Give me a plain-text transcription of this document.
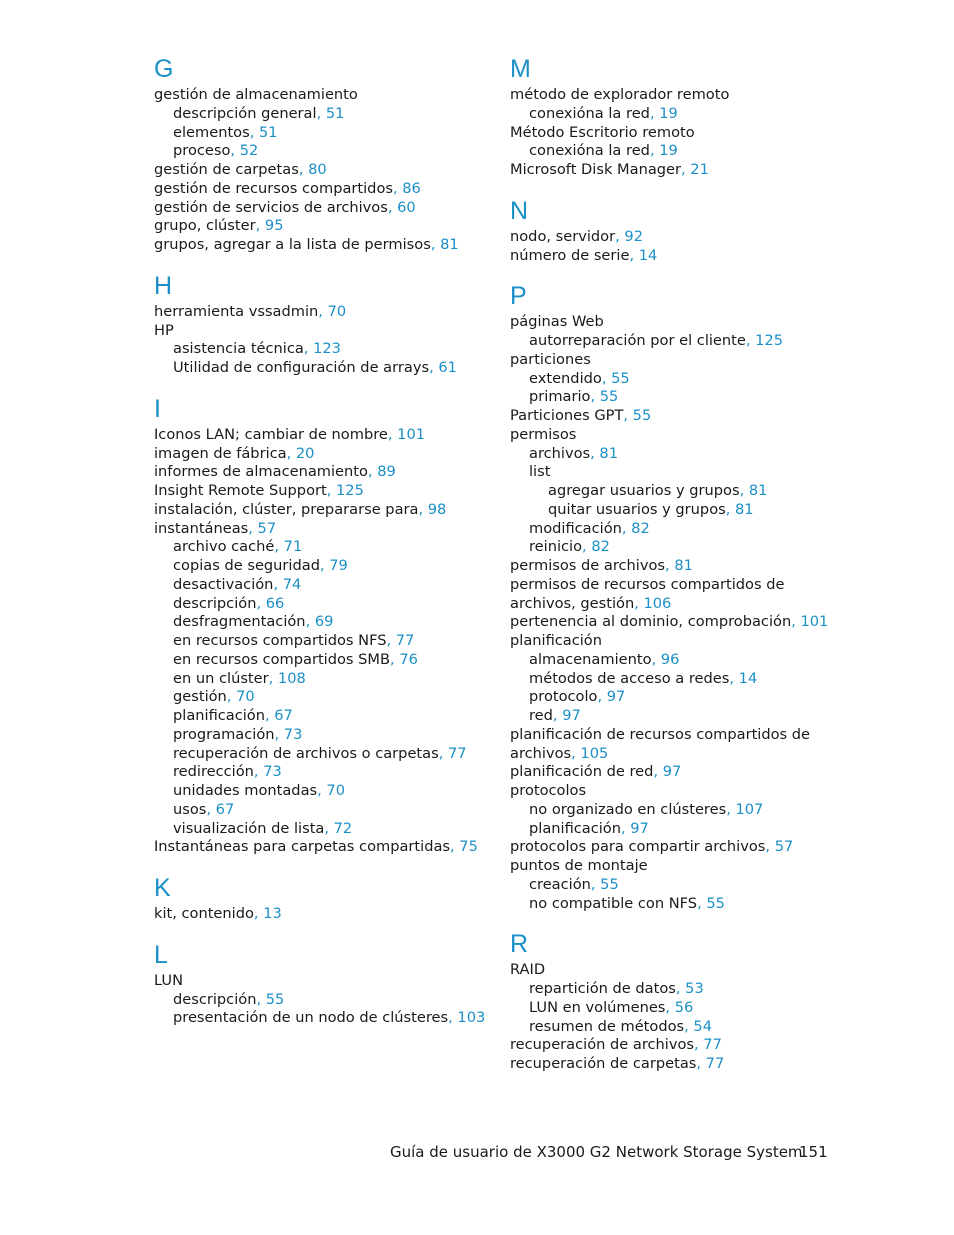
G
gestión de almacenamiento
descripción general, 51
elementos, 51
proceso, 52
gestión de carpetas, 80
gestión de recursos compartidos, 86
gestión de servicios de archivos, 60
grupo, clúster, 95
grupos, agregar a la lista de permisos, 81
H
herramienta vssadmin, 70
HP
asistencia técnica, 123
Utilidad de configuración de arrays, 61
I
Iconos LAN; cambiar de nombre, 101
imagen de fábrica, 20
informes de almacenamiento, 89
Insight Remote Support, 125
instalación, clúster, prepararse para, 98
instantáneas, 57
archivo caché, 71
copias de seguridad, 79
desactivación, 74
descripción, 66
desfragmentación, 69
en recursos compartidos NFS, 77
en recursos compartidos SMB, 76
en un clúster, 108
gestión, 70
planificación, 67
programación, 73
recuperación de archivos o carpetas, 77
redirección, 73
unidades montadas, 70
usos, 67
visualización de lista, 72
Instantáneas para carpetas compartidas, 75
K
kit, contenido, 13
L
LUN
descripción, 55
presentación de un nodo de clústeres, 103
M
método de explorador remoto
conexióna la red, 19
Método Escritorio remoto
conexióna la red, 19
Microsoft Disk Manager, 21
N
nodo, servidor, 92
número de serie, 14
P
páginas Web
autorreparación por el cliente, 125
particiones
extendido, 55
primario, 55
Particiones GPT, 55
permisos
archivos, 81
list
agregar usuarios y grupos, 81
quitar usuarios y grupos, 81
modificación, 82
reinicio, 82
permisos de archivos, 81
permisos de recursos compartidos de archivos, gestión, 106
pertenencia al dominio, comprobación, 101
planificación
almacenamiento, 96
métodos de acceso a redes, 14
protocolo, 97
red, 97
planificación de recursos compartidos de archivos, 105
planificación de red, 97
protocolos
no organizado en clústeres, 107
planificación, 97
protocolos para compartir archivos, 57
puntos de montaje
creación, 55
no compatible con NFS, 55
R
RAID
repartición de datos, 53
LUN en volúmenes, 56
resumen de métodos, 54
recuperación de archivos, 77
recuperación de carpetas, 77
Guía de usuario de X3000 G2 Network Storage System
151
